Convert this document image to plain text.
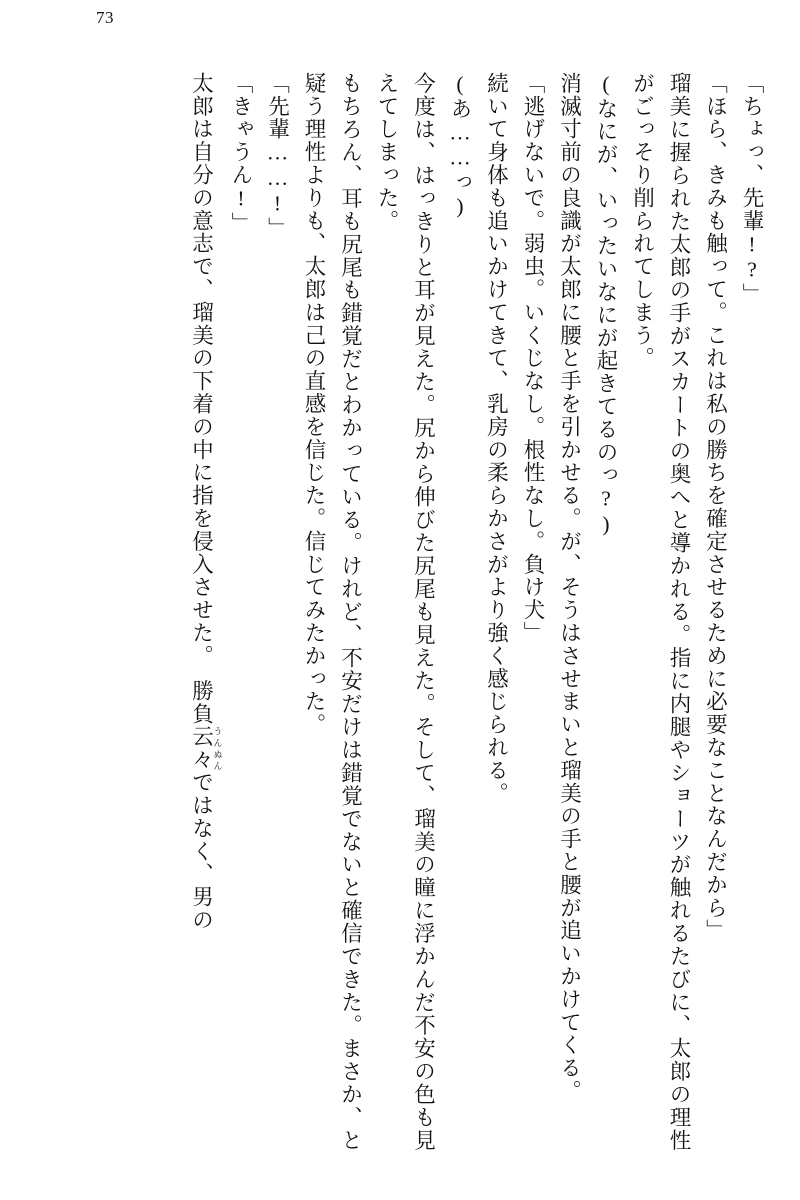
73

「ちょっ、先輩!?」

「ほら、きみも触って。これは私の勝ちを確定させるために必要なことなんだから」

瑠美に握られた太郎の手がスカートの奥へと導かれる。指に内腿やショーツが触れるたびに、太郎の理性がごっそり削られてしまう。

(なにが、いったいなにが起きてるのっ?)

消滅寸前の良識が太郎に腰と手を引かせる。が、そうはさせまいと瑠美の手と腰が追いかけてくる。

「逃げないで。弱虫。いくじなし。根性なし。負け犬」

続いて身体も追いかけてきて、乳房の柔らかさがより強く感じられる。

(あ……っ)

今度は、はっきりと耳が見えた。尻から伸びた尻尾も見えた。そして、瑠美の瞳に浮かんだ不安の色も見えてしまった。

もちろん、耳も尻尾も錯覚だとわかっている。けれど、不安だけは錯覚でないと確信できた。まさか、と疑う理性よりも、太郎は己の直感を信じた。信じてみたかった。

「先輩……!」

「きゃうん!」

太郎は自分の意志で、瑠美の下着の中に指を侵入させた。　勝負云々 うんぬんではなく、男の
